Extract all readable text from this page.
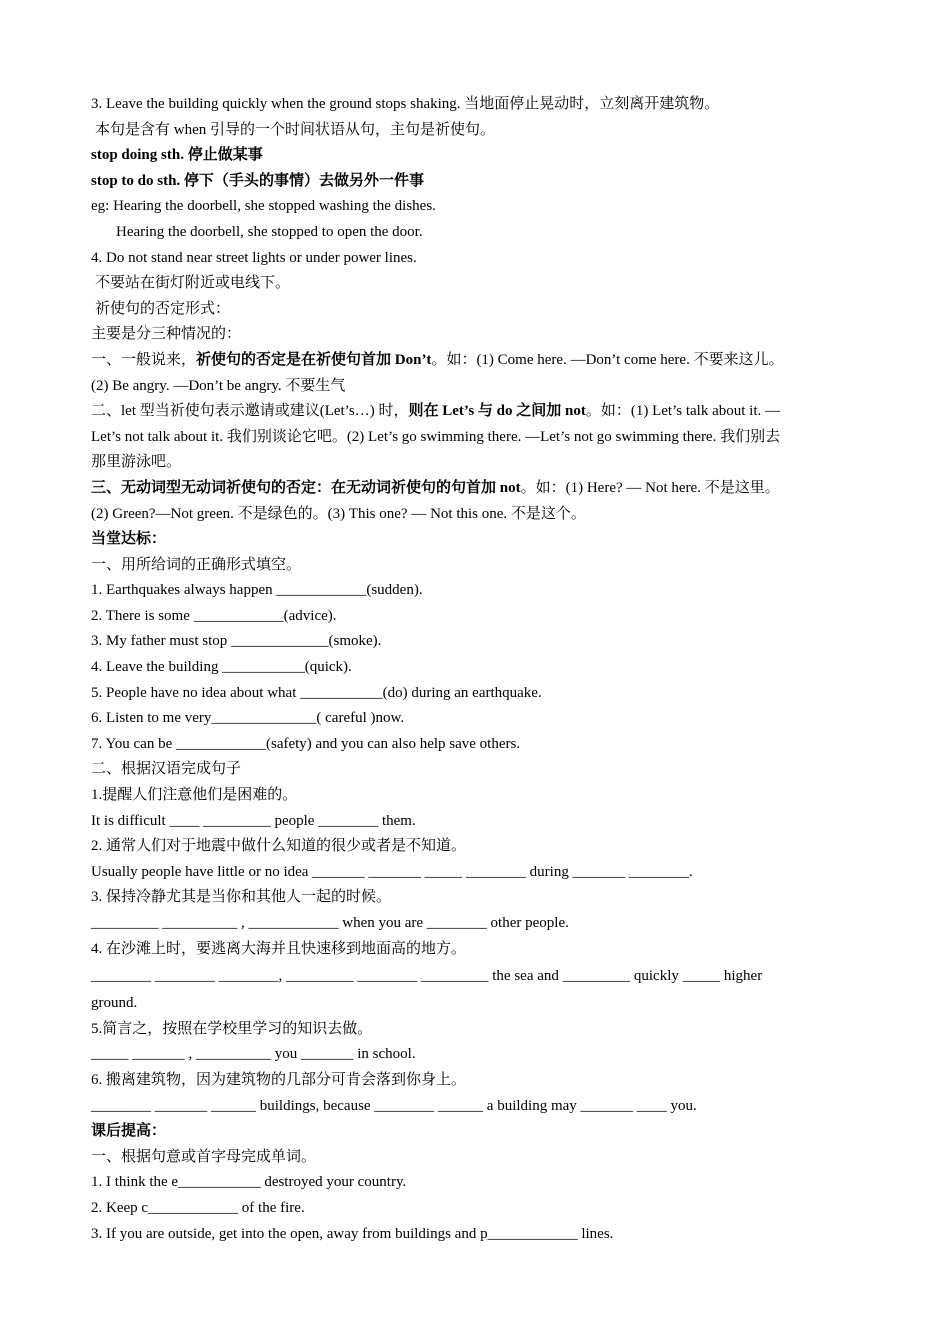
3. Leave the building quickly when the ground stops shaking. 当地面停止晃动时，立刻离开建筑物。
本句是含有 when 引导的一个时间状语从句，主句是祈使句。
stop doing sth. 停止做某事
stop to do sth. 停下（手头的事情）去做另外一件事
eg: Hearing the doorbell, she stopped washing the dishes.
Hearing the doorbell, she stopped to open the door.
4. Do not stand near street lights or under power lines.
不要站在街灯附近或电线下。
祈使句的否定形式：
主要是分三种情况的：
一、一般说来，祈使句的否定是在祈使句首加 Don’t。如：(1) Come here. —Don’t come here. 不要来这儿。
(2) Be angry. —Don’t be angry. 不要生气
二、let 型当祈使句表示邀请或建议(Let’s…) 时，则在 Let’s 与 do 之间加 not。如：(1) Let’s talk about it. —
Let’s not talk about it. 我们别谈论它吧。(2) Let’s go swimming there. —Let’s not go swimming there. 我们别去
那里游泳吧。
三、无动词型无动词祈使句的否定：在无动词祈使句的句首加 not。如：(1) Here? — Not here. 不是这里。
(2) Green?—Not green. 不是绿色的。(3) This one? — Not this one. 不是这个。
当堂达标：
一、用所给词的正确形式填空。
1. Earthquakes always happen ____________(sudden).
2. There is some ____________(advice).
3. My father must stop _____________(smoke).
4. Leave the building ___________(quick).
5. People have no idea about what ___________(do) during an earthquake.
6. Listen to me very______________( careful )now.
7. You can be ____________(safety) and you can also help save others.
二、根据汉语完成句子
1.提醒人们注意他们是困难的。
It is difficult ____ _________ people ________ them.
2. 通常人们对于地震中做什么知道的很少或者是不知道。
Usually people have little or no idea _______ _______ _____ ________ during _______ ________.
3. 保持冷静尤其是当你和其他人一起的时候。
_________ __________ , ____________ when you are ________ other people.
4. 在沙滩上时，要逃离大海并且快速移到地面高的地方。
________ ________ ________, _________ ________ _________ the sea and _________ quickly _____ higher
ground.
5.简言之，按照在学校里学习的知识去做。
_____ _______ , __________ you _______ in school.
6. 搬离建筑物，因为建筑物的几部分可肯会落到你身上。
________ _______ ______ buildings, because ________ ______ a building may _______ ____ you.
课后提高：
一、根据句意或首字母完成单词。
1. I think the e___________ destroyed your country.
2. Keep c____________ of the fire.
3. If you are outside, get into the open, away from buildings and p____________ lines.
